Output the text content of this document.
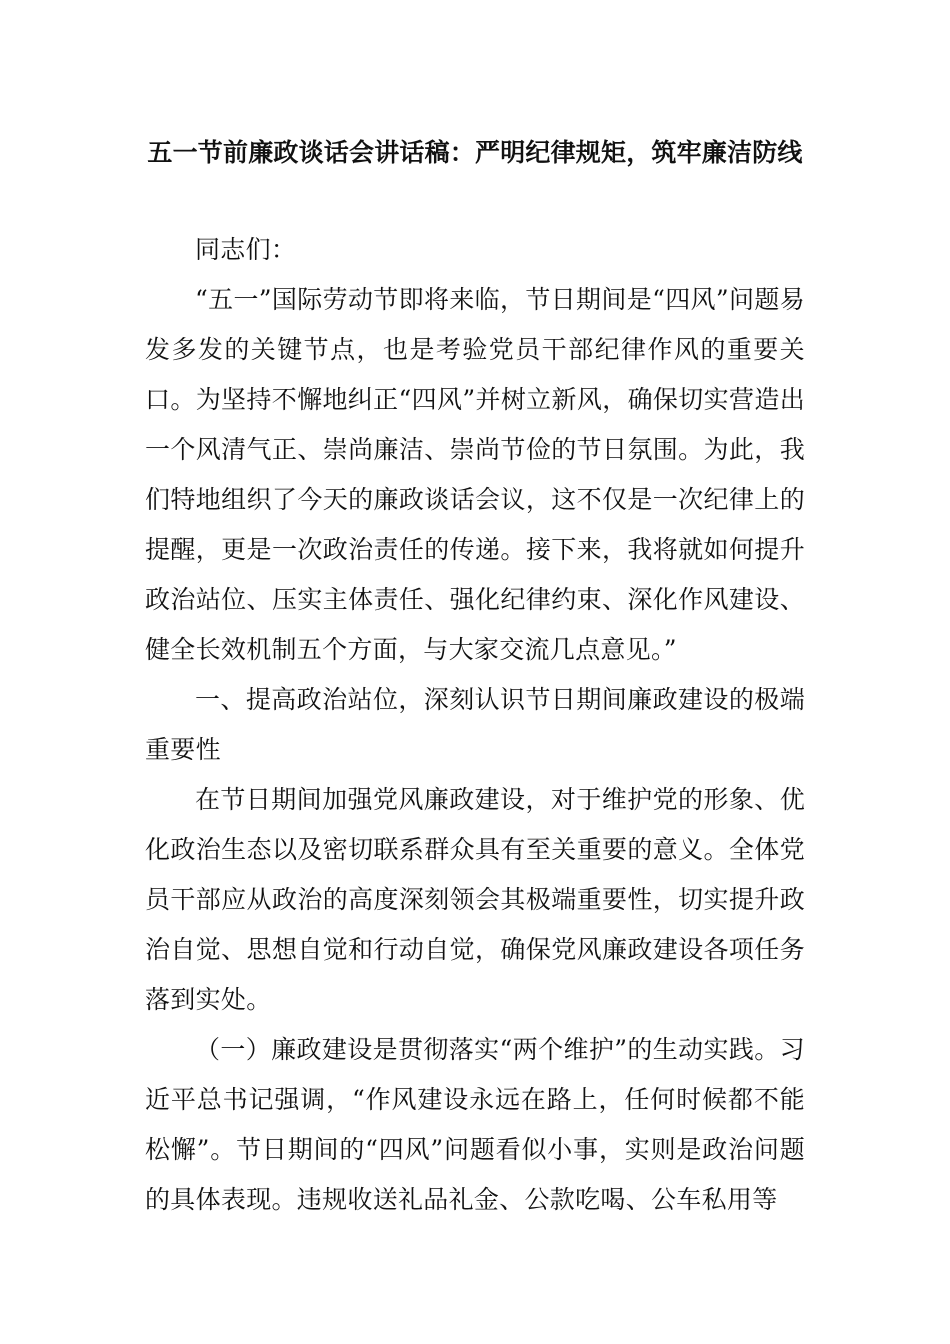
五一节前廉政谈话会讲话稿：严明纪律规矩，筑牢廉洁防线

同志们：

“五一”国际劳动节即将来临，节日期间是“四风”问题易发多发的关键节点，也是考验党员干部纪律作风的重要关口。为坚持不懈地纠正“四风”并树立新风，确保切实营造出一个风清气正、崇尚廉洁、崇尚节俭的节日氛围。为此，我们特地组织了今天的廉政谈话会议，这不仅是一次纪律上的提醒，更是一次政治责任的传递。接下来，我将就如何提升政治站位、压实主体责任、强化纪律约束、深化作风建设、健全长效机制五个方面，与大家交流几点意见。”

一、提高政治站位，深刻认识节日期间廉政建设的极端重要性

在节日期间加强党风廉政建设，对于维护党的形象、优化政治生态以及密切联系群众具有至关重要的意义。全体党员干部应从政治的高度深刻领会其极端重要性，切实提升政治自觉、思想自觉和行动自觉，确保党风廉政建设各项任务落到实处。

（一）廉政建设是贯彻落实“两个维护”的生动实践。习近平总书记强调，“作风建设永远在路上，任何时候都不能松懈”。节日期间的“四风”问题看似小事，实则是政治问题的具体表现。违规收送礼品礼金、公款吃喝、公车私用等
